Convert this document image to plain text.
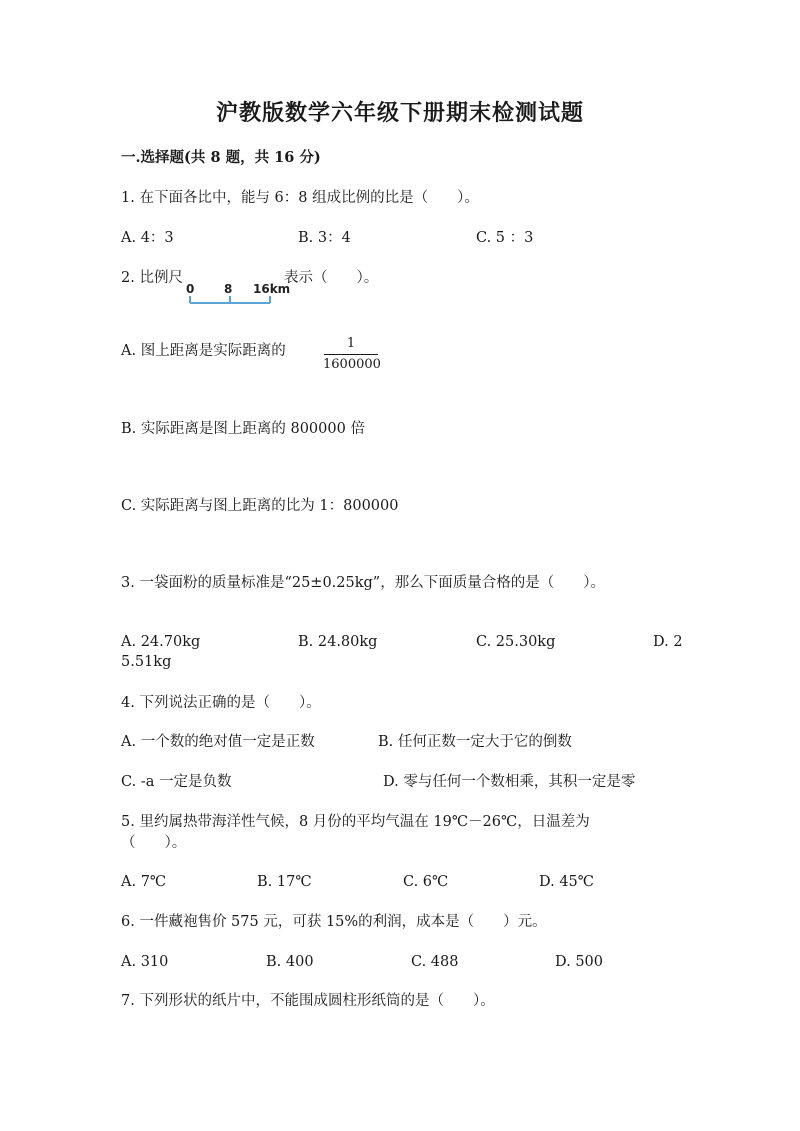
沪教版数学六年级下册期末检测试题
一.选择题(共 8 题，共 16 分)
1. 在下面各比中，能与 6：8 组成比例的比是（　　）。
A. 4：3	B. 3：4	C. 5 ：3
2. 比例尺
0 8 16km
表示（　　）。
A. 图上距离是实际距离的	1
1600000
B. 实际距离是图上距离的 800000 倍
C. 实际距离与图上距离的比为 1：800000
3. 一袋面粉的质量标准是“25±0.25kg”，那么下面质量合格的是（　　）。
A. 24.70kg	B. 24.80kg	C. 25.30kg	D. 2
5.51kg
4. 下列说法正确的是（　　）。
A. 一个数的绝对值一定是正数	B. 任何正数一定大于它的倒数
C. -a 一定是负数	D. 零与任何一个数相乘，其积一定是零
5. 里约属热带海洋性气候，8 月份的平均气温在 19℃－26℃，日温差为
（　　）。
A. 7℃	B. 17℃	C. 6℃	D. 45℃
6. 一件藏袍售价 575 元，可获 15%的利润，成本是（　　）元。
A. 310	B. 400	C. 488	D. 500
7. 下列形状的纸片中，不能围成圆柱形纸筒的是（　　）。
